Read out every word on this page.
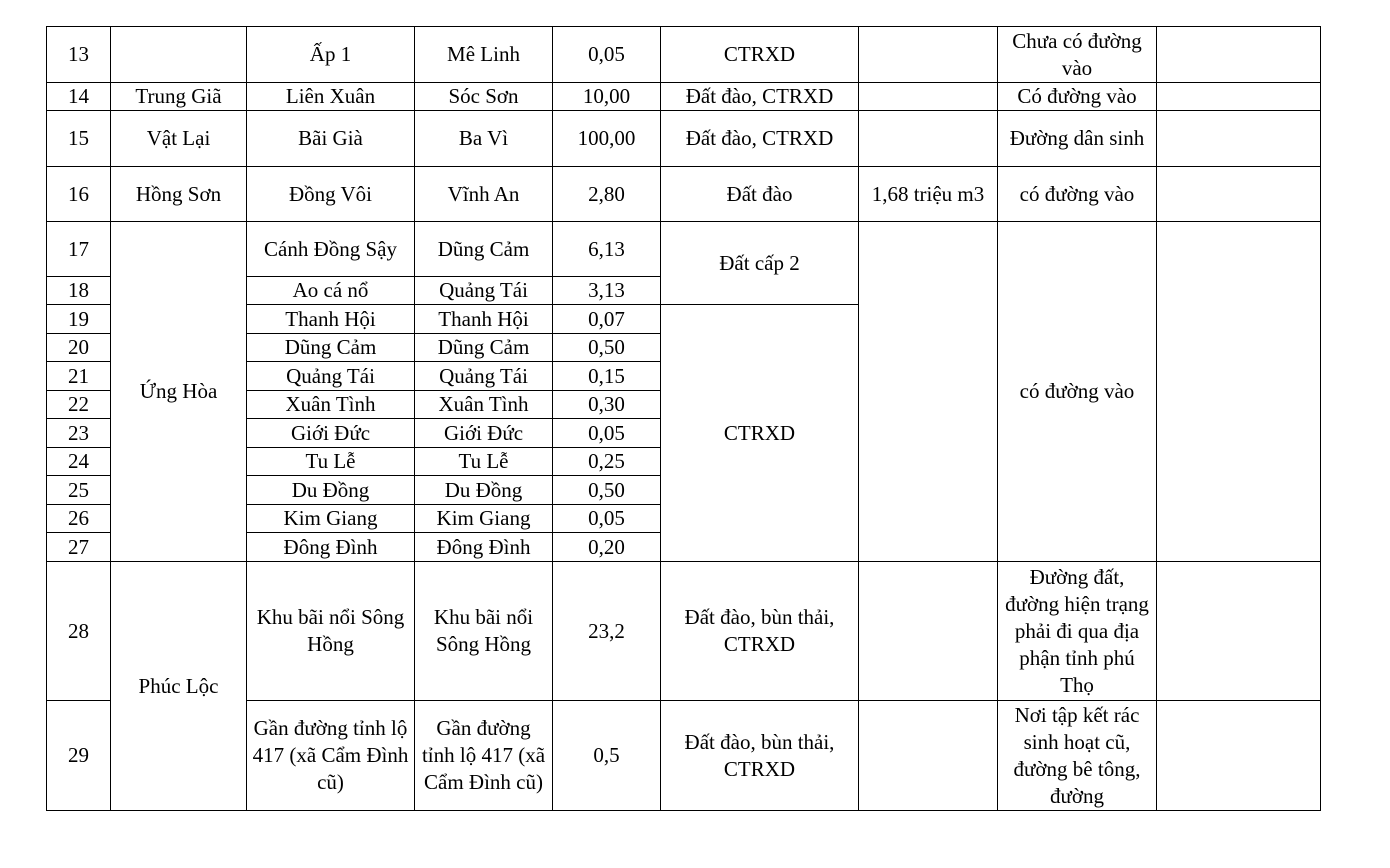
13		Ấp 1	Mê Linh	0,05	CTRXD		Chưa có đường vào	
14	Trung Giã	Liên Xuân	Sóc Sơn	10,00	Đất đào, CTRXD		Có đường vào	
15	Vật Lại	Bãi Già	Ba Vì	100,00	Đất đào, CTRXD		Đường dân sinh	
16	Hồng Sơn	Đồng Vôi	Vĩnh An	2,80	Đất đào	1,68 triệu m3	có đường vào	
17	Ứng Hòa	Cánh Đồng Sậy	Dũng Cảm	6,13	Đất cấp 2		có đường vào	
18		Ao cá nổ	Quảng Tái	3,13				
19		Thanh Hội	Thanh Hội	0,07	CTRXD			
20		Dũng Cảm	Dũng Cảm	0,50				
21		Quảng Tái	Quảng Tái	0,15				
22		Xuân Tình	Xuân Tình	0,30				
23		Giới Đức	Giới Đức	0,05				
24		Tu Lễ	Tu Lễ	0,25				
25		Du Đồng	Du Đồng	0,50				
26		Kim Giang	Kim Giang	0,05				
27		Đông Đình	Đông Đình	0,20				
28	Phúc Lộc	Khu bãi nổi Sông Hồng	Khu bãi nổi Sông Hồng	23,2	Đất đào, bùn thải, CTRXD		Đường đất, đường hiện trạng phải đi qua địa phận tỉnh phú Thọ	
29		Gần đường tỉnh lộ 417 (xã Cẩm Đình cũ)	Gần đường tỉnh lộ 417 (xã Cẩm Đình cũ)	0,5	Đất đào, bùn thải, CTRXD		Nơi tập kết rác sinh hoạt cũ, đường bê tông, đường	
